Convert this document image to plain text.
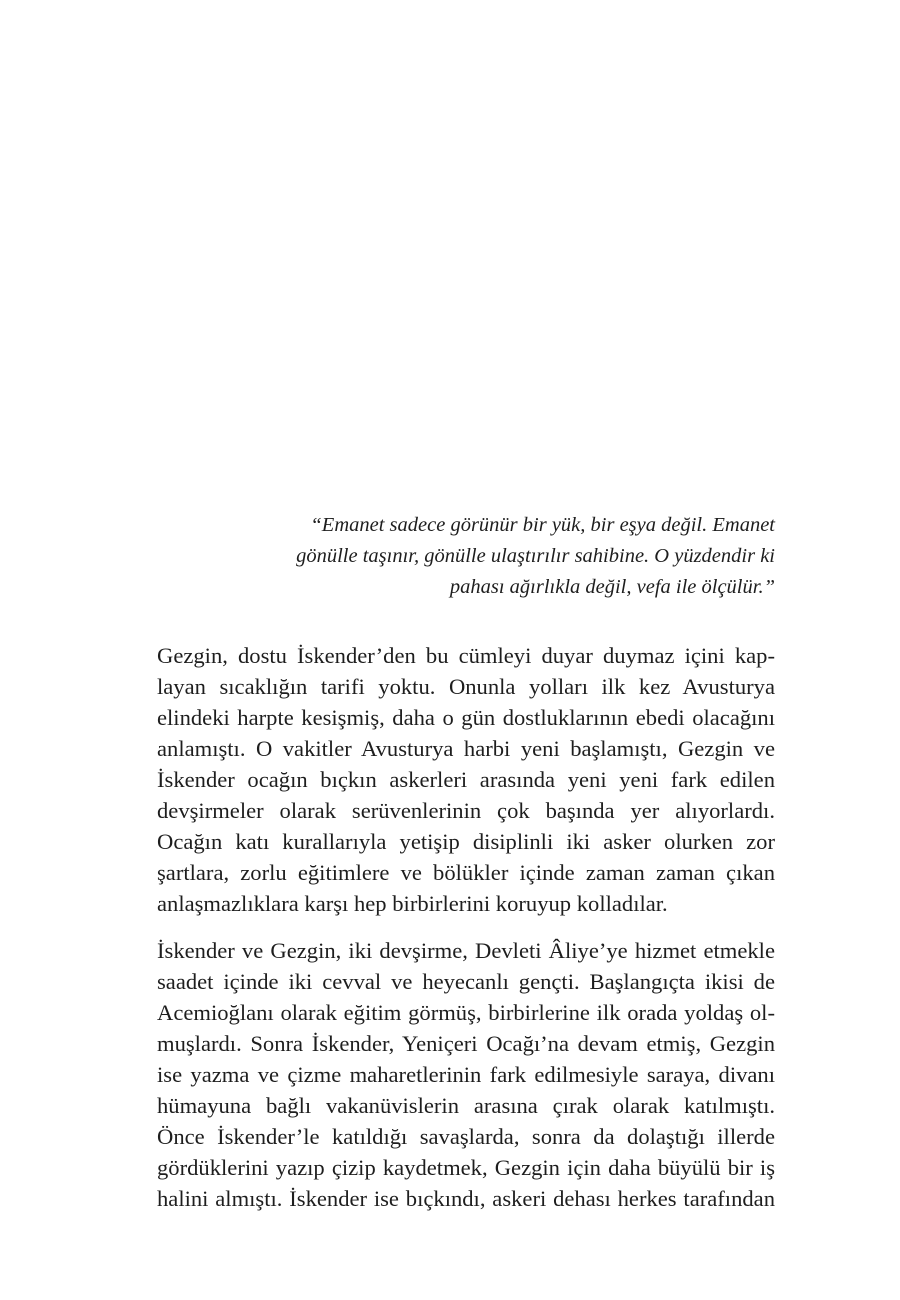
“Emanet sadece görünür bir yük, bir eşya değil. Emanet
gönülle taşınır, gönülle ulaştırılır sahibine. O yüzdendir ki
pahası ağırlıkla değil, vefa ile ölçülür.”
Gezgin, dostu İskender’den bu cümleyi duyar duymaz içini kap-
layan sıcaklığın tarifi yoktu. Onunla yolları ilk kez Avusturya
elindeki harpte kesişmiş, daha o gün dostluklarının ebedi olacağını
anlamıştı. O vakitler Avusturya harbi yeni başlamıştı, Gezgin ve
İskender ocağın bıçkın askerleri arasında yeni yeni fark edilen
devşirmeler olarak serüvenlerinin çok başında yer alıyorlardı.
Ocağın katı kurallarıyla yetişip disiplinli iki asker olurken zor
şartlara, zorlu eğitimlere ve bölükler içinde zaman zaman çıkan
anlaşmazlıklara karşı hep birbirlerini koruyup kolladılar.
İskender ve Gezgin, iki devşirme, Devleti Âliye’ye hizmet etmekle
saadet içinde iki cevval ve heyecanlı gençti. Başlangıçta ikisi de
Acemioğlanı olarak eğitim görmüş, birbirlerine ilk orada yoldaş ol-
muşlardı. Sonra İskender, Yeniçeri Ocağı’na devam etmiş, Gezgin
ise yazma ve çizme maharetlerinin fark edilmesiyle saraya, divanı
hümayuna bağlı vakanüvislerin arasına çırak olarak katılmıştı.
Önce İskender’le katıldığı savaşlarda, sonra da dolaştığı illerde
gördüklerini yazıp çizip kaydetmek, Gezgin için daha büyülü bir iş
halini almıştı. İskender ise bıçkındı, askeri dehası herkes tarafından
